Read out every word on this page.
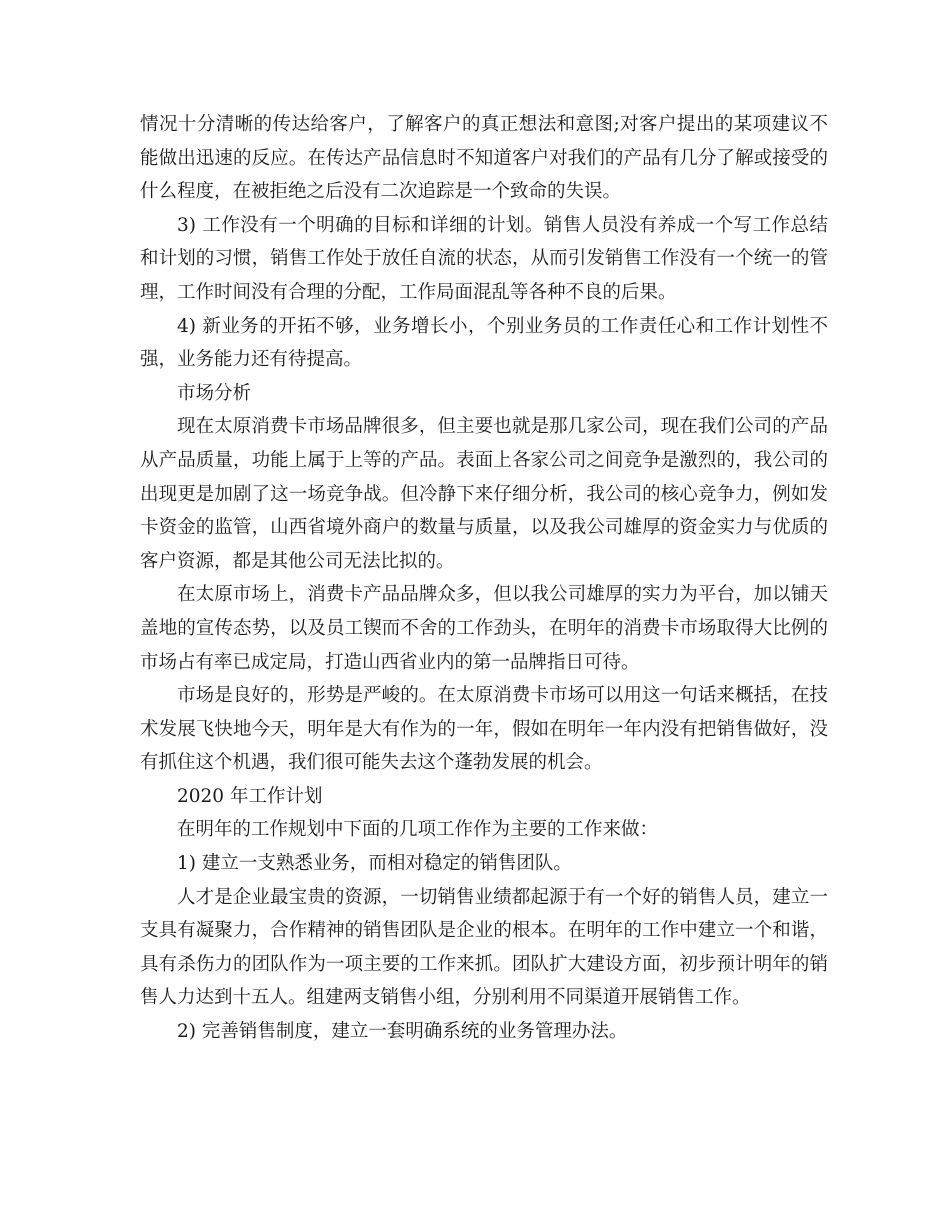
情况十分清晰的传达给客户，了解客户的真正想法和意图;对客户提出的某项建议不能做出迅速的反应。在传达产品信息时不知道客户对我们的产品有几分了解或接受的什么程度，在被拒绝之后没有二次追踪是一个致命的失误。

3) 工作没有一个明确的目标和详细的计划。销售人员没有养成一个写工作总结和计划的习惯，销售工作处于放任自流的状态，从而引发销售工作没有一个统一的管理，工作时间没有合理的分配，工作局面混乱等各种不良的后果。

4) 新业务的开拓不够，业务增长小，个别业务员的工作责任心和工作计划性不强，业务能力还有待提高。

市场分析

现在太原消费卡市场品牌很多，但主要也就是那几家公司，现在我们公司的产品从产品质量，功能上属于上等的产品。表面上各家公司之间竞争是激烈的，我公司的出现更是加剧了这一场竞争战。但冷静下来仔细分析，我公司的核心竞争力，例如发卡资金的监管，山西省境外商户的数量与质量，以及我公司雄厚的资金实力与优质的客户资源，都是其他公司无法比拟的。

在太原市场上，消费卡产品品牌众多，但以我公司雄厚的实力为平台，加以铺天盖地的宣传态势，以及员工锲而不舍的工作劲头，在明年的消费卡市场取得大比例的市场占有率已成定局，打造山西省业内的第一品牌指日可待。

市场是良好的，形势是严峻的。在太原消费卡市场可以用这一句话来概括，在技术发展飞快地今天，明年是大有作为的一年，假如在明年一年内没有把销售做好，没有抓住这个机遇，我们很可能失去这个蓬勃发展的机会。

2020 年工作计划

在明年的工作规划中下面的几项工作作为主要的工作来做：

1) 建立一支熟悉业务，而相对稳定的销售团队。

人才是企业最宝贵的资源，一切销售业绩都起源于有一个好的销售人员，建立一支具有凝聚力，合作精神的销售团队是企业的根本。在明年的工作中建立一个和谐，具有杀伤力的团队作为一项主要的工作来抓。团队扩大建设方面，初步预计明年的销售人力达到十五人。组建两支销售小组，分别利用不同渠道开展销售工作。

2) 完善销售制度，建立一套明确系统的业务管理办法。
